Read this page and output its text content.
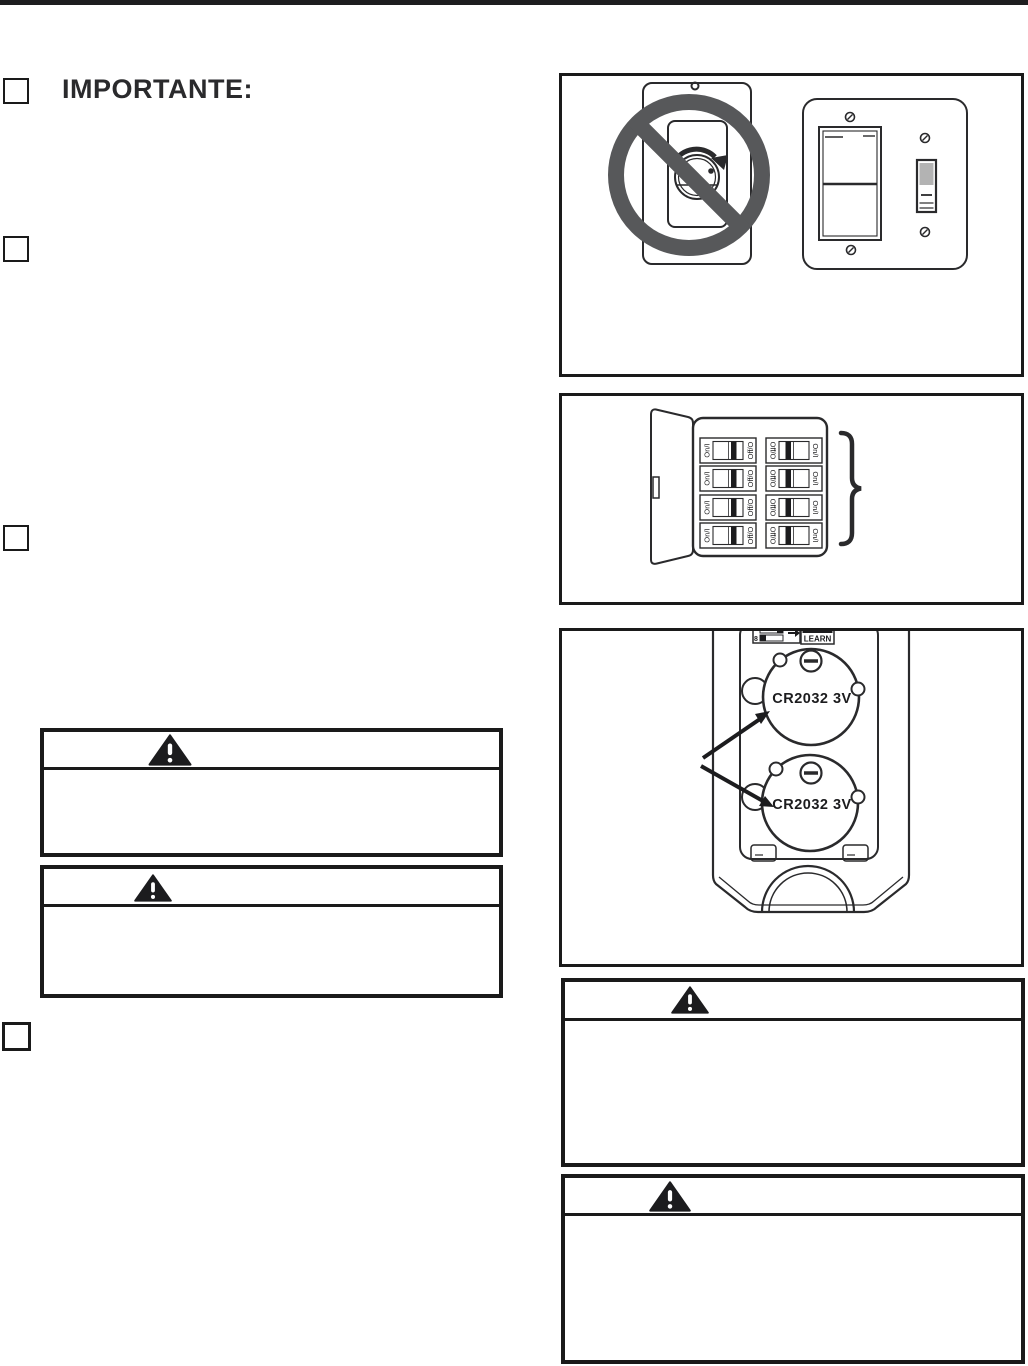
IMPORTANTE:
On/I	Off/O
On/I	Off/O
On/I	Off/O
On/I	Off/O
Off/O	On/I
Off/O	On/I
Off/O	On/I
Off/O	On/I
8	LEARN
CR2032 3V
CR2032 3V
